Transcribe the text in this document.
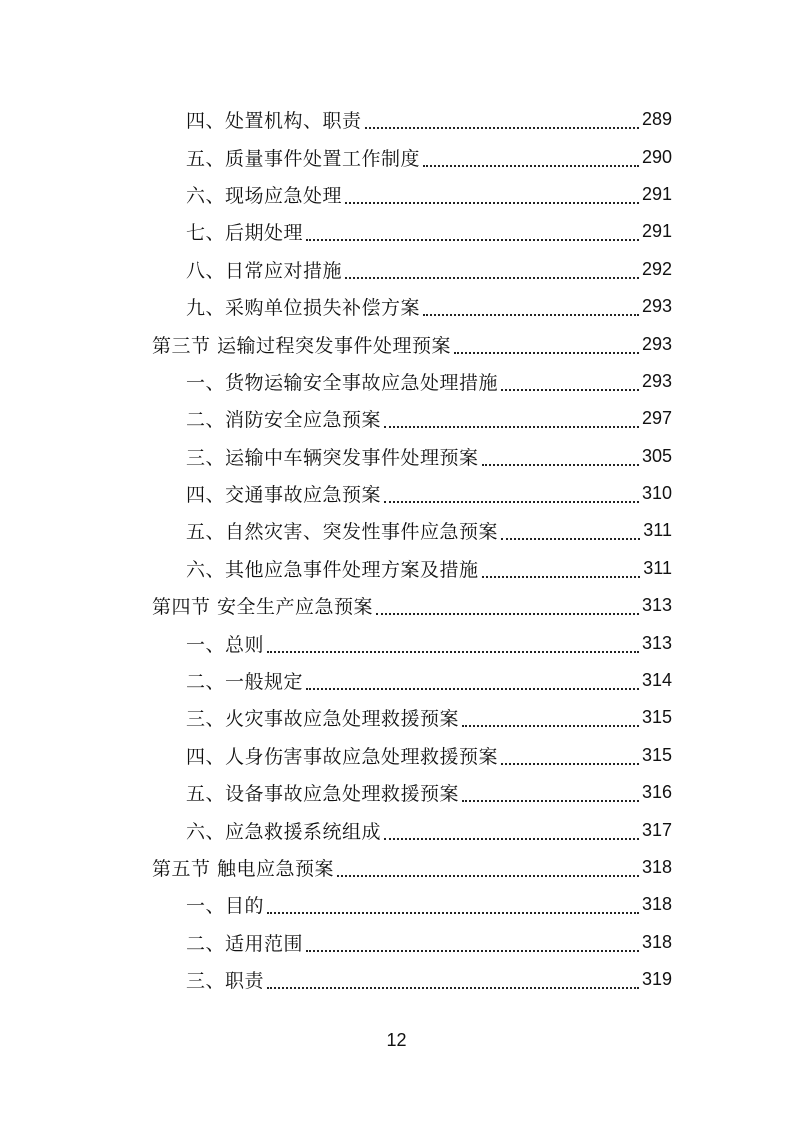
四、处置机构、职责	289
五、质量事件处置工作制度	290
六、现场应急处理	291
七、后期处理	291
八、日常应对措施	292
九、采购单位损失补偿方案	293
第三节 运输过程突发事件处理预案	293
一、货物运输安全事故应急处理措施	293
二、消防安全应急预案	297
三、运输中车辆突发事件处理预案	305
四、交通事故应急预案	310
五、自然灾害、突发性事件应急预案	311
六、其他应急事件处理方案及措施	311
第四节 安全生产应急预案	313
一、总则	313
二、一般规定	314
三、火灾事故应急处理救援预案	315
四、人身伤害事故应急处理救援预案	315
五、设备事故应急处理救援预案	316
六、应急救援系统组成	317
第五节 触电应急预案	318
一、目的	318
二、适用范围	318
三、职责	319
12
